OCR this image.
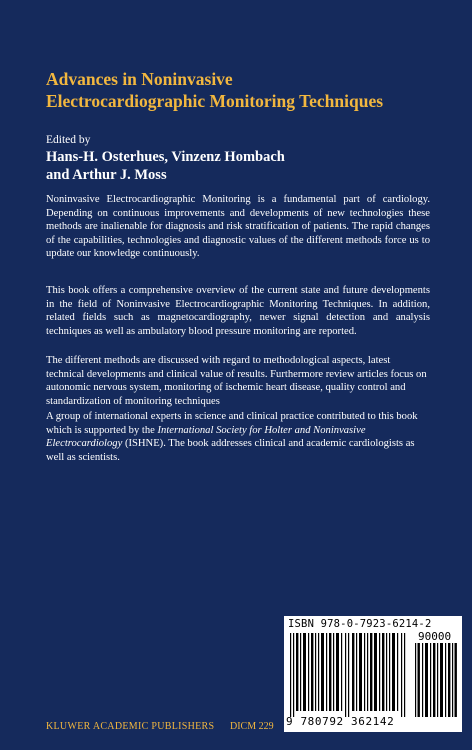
Advances in Noninvasive
Electrocardiographic Monitoring Techniques
Edited by
Hans-H. Osterhues, Vinzenz Hombach
and Arthur J. Moss

Noninvasive Electrocardiographic Monitoring is a fundamental part of cardiology. Depending on continuous improvements and developments of new technologies these methods are inalienable for diagnosis and risk stratification of patients. The rapid changes of the capabilities, technologies and diagnostic values of the different methods force us to update our knowledge continuously.

This book offers a comprehensive overview of the current state and future developments in the field of Noninvasive Electrocardiographic Monitoring Techniques. In addition, related fields such as magnetocardiography, newer signal detection and analysis techniques as well as ambulatory blood pressure monitoring are reported.

The different methods are discussed with regard to methodological aspects, latest technical developments and clinical value of results. Furthermore review articles focus on autonomic nervous system, monitoring of ischemic heart disease, quality control and standardization of monitoring techniques

A group of international experts in science and clinical practice contributed to this book which is supported by the International Society for Holter and Noninvasive Electrocardiology (ISHNE). The book addresses clinical and academic cardiologists as well as scientists.

ISBN 978-0-7923-6214-2
90000
9 780792 362142
KLUWER ACADEMIC PUBLISHERS DICM 229
